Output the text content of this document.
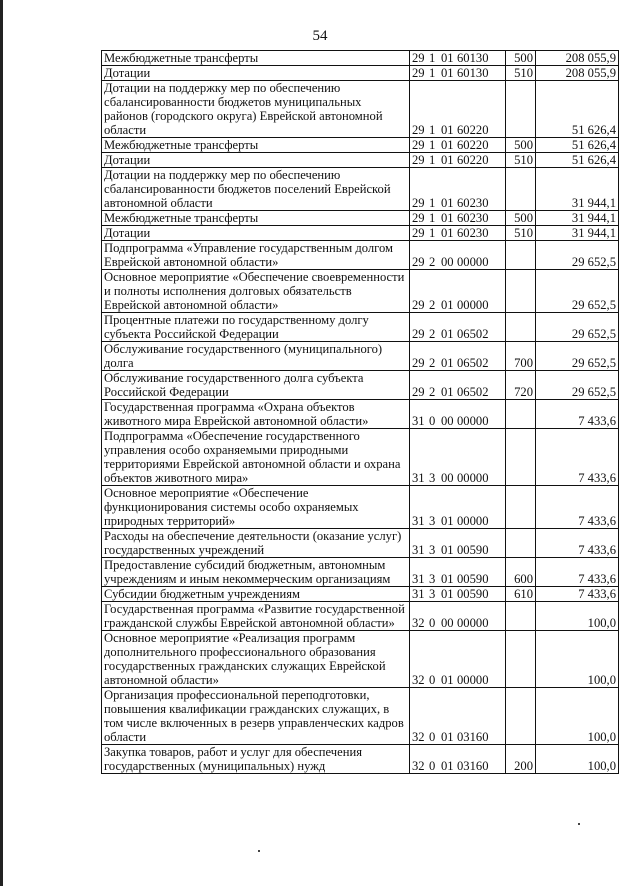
54
Межбюджетные трансферты	29 1 01 60130	500	208 055,9
Дотации	29 1 01 60130	510	208 055,9
Дотации на поддержку мер по обеспечению сбалансированности бюджетов муниципальных районов (городского округа) Еврейской автономной области	29 1 01 60220		51 626,4
Межбюджетные трансферты	29 1 01 60220	500	51 626,4
Дотации	29 1 01 60220	510	51 626,4
Дотации на поддержку мер по обеспечению сбалансированности бюджетов поселений Еврейской автономной области	29 1 01 60230		31 944,1
Межбюджетные трансферты	29 1 01 60230	500	31 944,1
Дотации	29 1 01 60230	510	31 944,1
Подпрограмма «Управление государственным долгом Еврейской автономной области»	29 2 00 00000		29 652,5
Основное мероприятие «Обеспечение своевременности и полноты исполнения долговых обязательств Еврейской автономной области»	29 2 01 00000		29 652,5
Процентные платежи по государственному долгу субъекта Российской Федерации	29 2 01 06502		29 652,5
Обслуживание государственного (муниципального) долга	29 2 01 06502	700	29 652,5
Обслуживание государственного долга субъекта Российской Федерации	29 2 01 06502	720	29 652,5
Государственная программа «Охрана объектов животного мира Еврейской автономной области»	31 0 00 00000		7 433,6
Подпрограмма «Обеспечение государственного управления особо охраняемыми природными территориями Еврейской автономной области и охрана объектов животного мира»	31 3 00 00000		7 433,6
Основное мероприятие «Обеспечение функционирования системы особо охраняемых природных территорий»	31 3 01 00000		7 433,6
Расходы на обеспечение деятельности (оказание услуг) государственных учреждений	31 3 01 00590		7 433,6
Предоставление субсидий бюджетным, автономным учреждениям и иным некоммерческим организациям	31 3 01 00590	600	7 433,6
Субсидии бюджетным учреждениям	31 3 01 00590	610	7 433,6
Государственная программа «Развитие государственной гражданской службы Еврейской автономной области»	32 0 00 00000		100,0
Основное мероприятие «Реализация программ дополнительного профессионального образования государственных гражданских служащих Еврейской автономной области»	32 0 01 00000		100,0
Организация профессиональной переподготовки, повышения квалификации гражданских служащих, в том числе включенных в резерв управленческих кадров области	32 0 01 03160		100,0
Закупка товаров, работ и услуг для обеспечения государственных (муниципальных) нужд	32 0 01 03160	200	100,0
